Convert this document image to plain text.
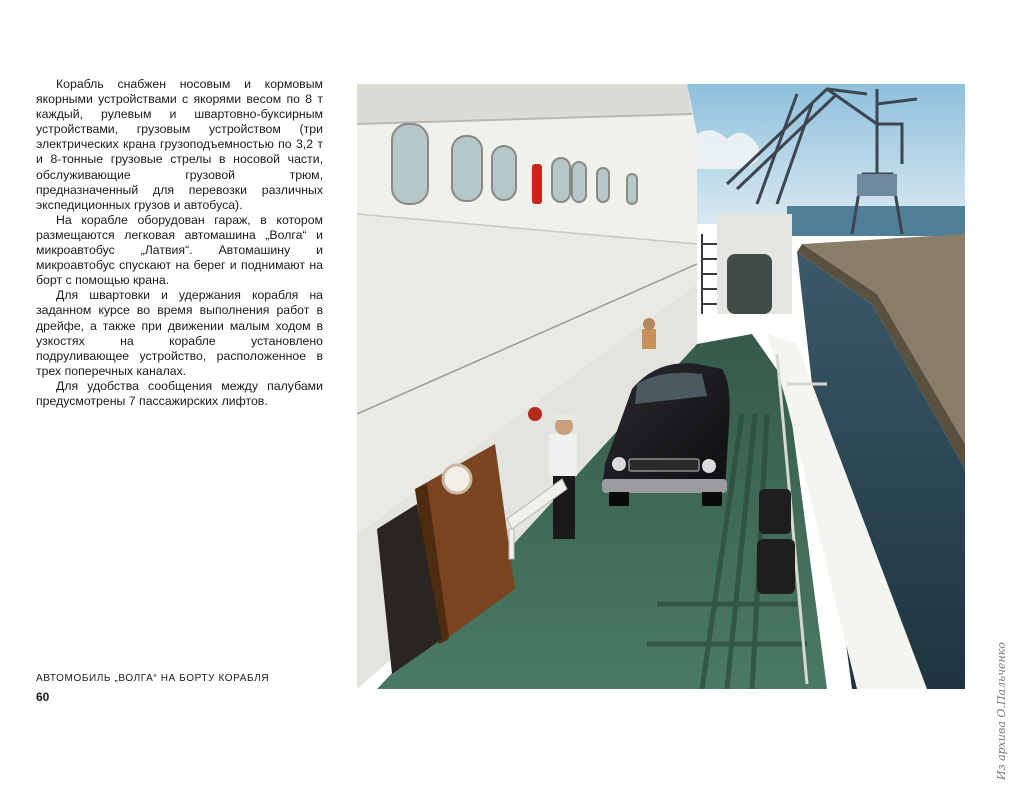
Корабль снабжен носовым и кормовым якорными устройствами с якорями весом по 8 т каждый, рулевым и швартовно-буксирным устройствами, грузовым устройством (три электрических крана грузоподъемностью по 3,2 т и 8-тонные грузовые стрелы в носовой части, обслуживающие грузовой трюм, предназначенный для перевозки различных экспедиционных грузов и автобуса).

На корабле оборудован гараж, в котором размещаются легковая автомашина „Волга“ и микроавтобус „Латвия“. Автомашину и микроавтобус спускают на берег и поднимают на борт с помощью крана.

Для швартовки и удержания корабля на заданном курсе во время выполнения работ в дрейфе, а также при движении малым ходом в узкостях на корабле установлено подруливающее устройство, расположенное в трех поперечных каналах.

Для удобства сообщения между палубами предусмотрены 7 пассажирских лифтов.

АВТОМОБИЛЬ „ВОЛГА“ НА БОРТУ КОРАБЛЯ
60	Из архива О.Пальченко
